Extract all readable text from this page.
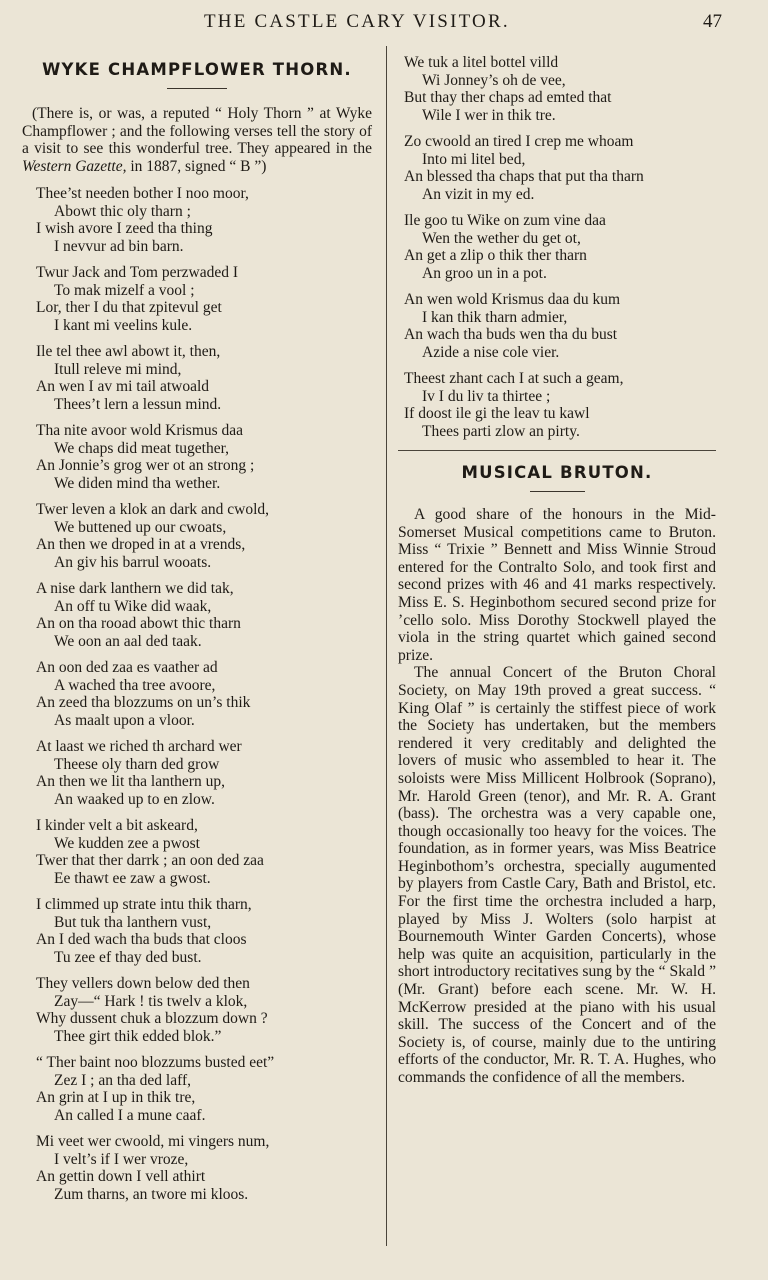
THE CASTLE CARY VISITOR.	47
WYKE CHAMPFLOWER THORN.

(There is, or was, a reputed “ Holy Thorn ” at Wyke Champflower ; and the following verses tell the story of a visit to see this wonderful tree. They appeared in the Western Gazette, in 1887, signed “ B ”)

Thee’st needen bother I noo moor,
Abowt thic oly tharn ;
I wish avore I zeed tha thing
I nevvur ad bin barn.
Twur Jack and Tom perzwaded I
To mak mizelf a vool ;
Lor, ther I du that zpitevul get
I kant mi veelins kule.
Ile tel thee awl abowt it, then,
Itull releve mi mind,
An wen I av mi tail atwoald
Thees’t lern a lessun mind.
Tha nite avoor wold Krismus daa
We chaps did meat tugether,
An Jonnie’s grog wer ot an strong ;
We diden mind tha wether.
Twer leven a klok an dark and cwold,
We buttened up our cwoats,
An then we droped in at a vrends,
An giv his barrul wooats.
A nise dark lanthern we did tak,
An off tu Wike did waak,
An on tha rooad abowt thic tharn
We oon an aal ded taak.
An oon ded zaa es vaather ad
A wached tha tree avoore,
An zeed tha blozzums on un’s thik
As maalt upon a vloor.
At laast we riched th archard wer
Theese oly tharn ded grow
An then we lit tha lanthern up,
An waaked up to en zlow.
I kinder velt a bit askeard,
We kudden zee a pwost
Twer that ther darrk ; an oon ded zaa
Ee thawt ee zaw a gwost.
I climmed up strate intu thik tharn,
But tuk tha lanthern vust,
An I ded wach tha buds that cloos
Tu zee ef thay ded bust.
They vellers down below ded then
Zay—“ Hark ! tis twelv a klok,
Why dussent chuk a blozzum down ?
Thee girt thik edded blok.”
“ Ther baint noo blozzums busted eet”
Zez I ; an tha ded laff,
An grin at I up in thik tre,
An called I a mune caaf.
Mi veet wer cwoold, mi vingers num,
I velt’s if I wer vroze,
An gettin down I vell athirt
Zum tharns, an twore mi kloos.
We tuk a litel bottel villd
Wi Jonney’s oh de vee,
But thay ther chaps ad emted that
Wile I wer in thik tre.
Zo cwoold an tired I crep me whoam
Into mi litel bed,
An blessed tha chaps that put tha tharn
An vizit in my ed.
Ile goo tu Wike on zum vine daa
Wen the wether du get ot,
An get a zlip o thik ther tharn
An groo un in a pot.
An wen wold Krismus daa du kum
I kan thik tharn admier,
An wach tha buds wen tha du bust
Azide a nise cole vier.
Theest zhant cach I at such a geam,
Iv I du liv ta thirtee ;
If doost ile gi the leav tu kawl
Thees parti zlow an pirty.
MUSICAL BRUTON.

A good share of the honours in the Mid-Somerset Musical competitions came to Bruton. Miss “ Trixie ” Bennett and Miss Winnie Stroud entered for the Contralto Solo, and took first and second prizes with 46 and 41 marks respectively. Miss E. S. Heginbothom secured second prize for ’cello solo. Miss Dorothy Stockwell played the viola in the string quartet which gained second prize.

The annual Concert of the Bruton Choral Society, on May 19th proved a great success. “ King Olaf ” is certainly the stiffest piece of work the Society has undertaken, but the members rendered it very creditably and delighted the lovers of music who assembled to hear it. The soloists were Miss Millicent Holbrook (Soprano), Mr. Harold Green (tenor), and Mr. R. A. Grant (bass). The orchestra was a very capable one, though occasionally too heavy for the voices. The foundation, as in former years, was Miss Beatrice Heginbothom’s orchestra, specially augumented by players from Castle Cary, Bath and Bristol, etc. For the first time the orchestra included a harp, played by Miss J. Wolters (solo harpist at Bournemouth Winter Garden Concerts), whose help was quite an acquisition, particularly in the short introductory recitatives sung by the “ Skald ” (Mr. Grant) before each scene. Mr. W. H. McKerrow presided at the piano with his usual skill. The success of the Concert and of the Society is, of course, mainly due to the untiring efforts of the conductor, Mr. R. T. A. Hughes, who commands the confidence of all the members.
